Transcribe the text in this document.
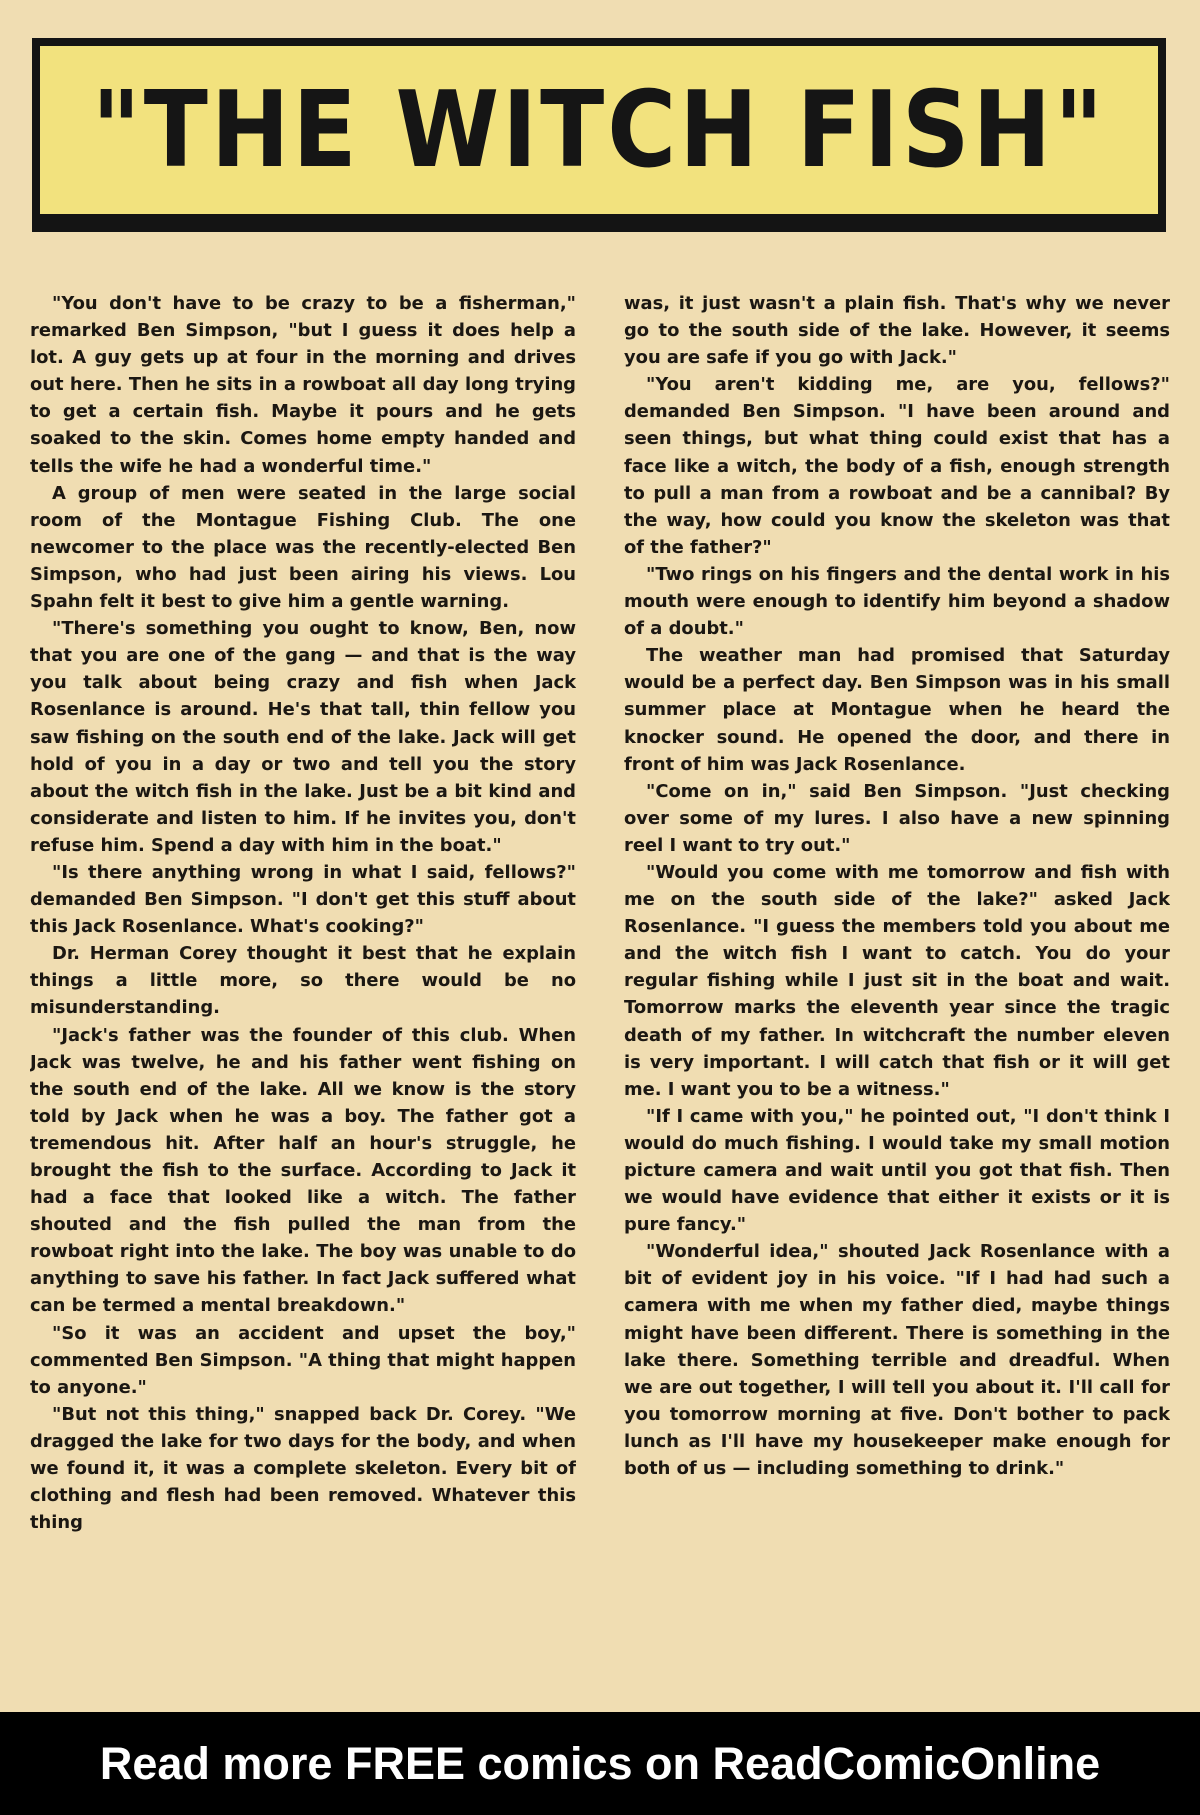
"THE WITCH FISH"

"You don't have to be crazy to be a fisherman," remarked Ben Simpson, "but I guess it does help a lot. A guy gets up at four in the morning and drives out here. Then he sits in a rowboat all day long trying to get a certain fish. Maybe it pours and he gets soaked to the skin. Comes home empty handed and tells the wife he had a wonderful time."

A group of men were seated in the large social room of the Montague Fishing Club. The one newcomer to the place was the recently-elected Ben Simpson, who had just been airing his views. Lou Spahn felt it best to give him a gentle warning.

"There's something you ought to know, Ben, now that you are one of the gang — and that is the way you talk about being crazy and fish when Jack Rosenlance is around. He's that tall, thin fellow you saw fishing on the south end of the lake. Jack will get hold of you in a day or two and tell you the story about the witch fish in the lake. Just be a bit kind and considerate and listen to him. If he invites you, don't refuse him. Spend a day with him in the boat."

"Is there anything wrong in what I said, fellows?" demanded Ben Simpson. "I don't get this stuff about this Jack Rosenlance. What's cooking?"

Dr. Herman Corey thought it best that he explain things a little more, so there would be no misunderstanding.

"Jack's father was the founder of this club. When Jack was twelve, he and his father went fishing on the south end of the lake. All we know is the story told by Jack when he was a boy. The father got a tremendous hit. After half an hour's struggle, he brought the fish to the surface. According to Jack it had a face that looked like a witch. The father shouted and the fish pulled the man from the rowboat right into the lake. The boy was unable to do anything to save his father. In fact Jack suffered what can be termed a mental breakdown."

"So it was an accident and upset the boy," commented Ben Simpson. "A thing that might happen to anyone."

"But not this thing," snapped back Dr. Corey. "We dragged the lake for two days for the body, and when we found it, it was a complete skeleton. Every bit of clothing and flesh had been removed. Whatever this thing

was, it just wasn't a plain fish. That's why we never go to the south side of the lake. However, it seems you are safe if you go with Jack."

"You aren't kidding me, are you, fellows?" demanded Ben Simpson. "I have been around and seen things, but what thing could exist that has a face like a witch, the body of a fish, enough strength to pull a man from a rowboat and be a cannibal? By the way, how could you know the skeleton was that of the father?"

"Two rings on his fingers and the dental work in his mouth were enough to identify him beyond a shadow of a doubt."

The weather man had promised that Saturday would be a perfect day. Ben Simpson was in his small summer place at Montague when he heard the knocker sound. He opened the door, and there in front of him was Jack Rosenlance.

"Come on in," said Ben Simpson. "Just checking over some of my lures. I also have a new spinning reel I want to try out."

"Would you come with me tomorrow and fish with me on the south side of the lake?" asked Jack Rosenlance. "I guess the members told you about me and the witch fish I want to catch. You do your regular fishing while I just sit in the boat and wait. Tomorrow marks the eleventh year since the tragic death of my father. In witchcraft the number eleven is very important. I will catch that fish or it will get me. I want you to be a witness."

"If I came with you," he pointed out, "I don't think I would do much fishing. I would take my small motion picture camera and wait until you got that fish. Then we would have evidence that either it exists or it is pure fancy."

"Wonderful idea," shouted Jack Rosenlance with a bit of evident joy in his voice. "If I had had such a camera with me when my father died, maybe things might have been different. There is something in the lake there. Something terrible and dreadful. When we are out together, I will tell you about it. I'll call for you tomorrow morning at five. Don't bother to pack lunch as I'll have my housekeeper make enough for both of us — including something to drink."

Read more FREE comics on ReadComicOnline
